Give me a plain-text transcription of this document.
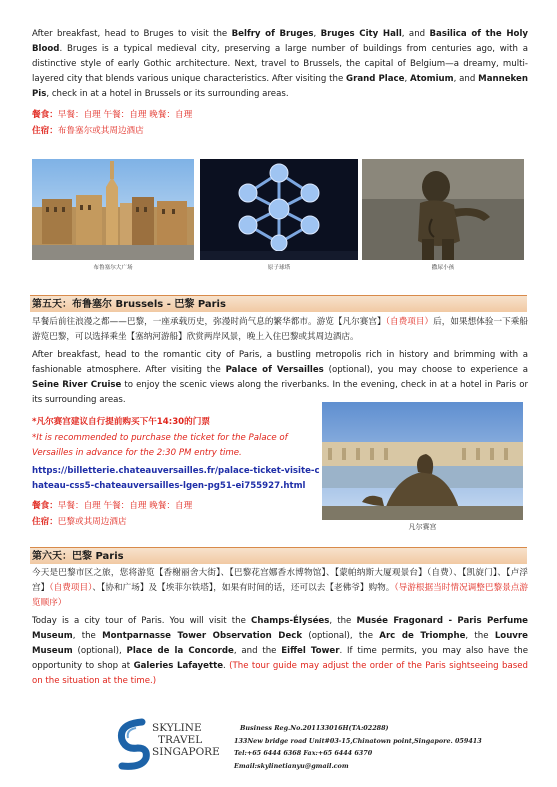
After breakfast, head to Bruges to visit the Belfry of Bruges, Bruges City Hall, and Basilica of the Holy Blood. Bruges is a typical medieval city, preserving a large number of buildings from centuries ago, with a distinctive style of early Gothic architecture. Next, travel to Brussels, the capital of Belgium—a dreamy, multi-layered city that blends various unique characteristics. After visiting the Grand Place, Atomium, and Manneken Pis, check in at a hotel in Brussels or its surrounding areas.

餐食：早餐：自理 午餐：自理 晚餐：自理
住宿：布鲁塞尔或其周边酒店
布鲁塞尔大广场	原子球塔	撒尿小孩
第五天：布鲁塞尔 Brussels - 巴黎 Paris

早餐后前往浪漫之都——巴黎，一座承载历史，弥漫时尚气息的繁华都市。游览【凡尔赛宫】（自费项目）后，如果想体验一下乘船游览巴黎，可以选择乘坐【塞纳河游船】欣赏两岸风景，晚上入住巴黎或其周边酒店。

After breakfast, head to the romantic city of Paris, a bustling metropolis rich in history and brimming with a fashionable atmosphere. After visiting the Palace of Versailles (optional), you may choose to experience a Seine River Cruise to enjoy the scenic views along the riverbanks. In the evening, check in at a hotel in Paris or its surrounding areas.

*凡尔赛宫建议自行提前购买下午14:30的门票

*It is recommended to purchase the ticket for the Palace of Versailles in advance for the 2:30 PM entry time.

https://billetterie.chateauversailles.fr/palace-ticket-visite-chateau-css5-chateauversailles-lgen-pg51-ei755927.html
餐食：早餐：自理 午餐：自理 晚餐：自理
住宿：巴黎或其周边酒店	凡尔赛宫
第六天：巴黎 Paris

今天是巴黎市区之旅，您将游览【香榭丽舍大街】、【巴黎花宫娜香水博物馆】、【蒙帕纳斯大厦观景台】（自费）、【凯旋门】、【卢浮宫】（自费项目）、【协和广场】及【埃菲尔铁塔】，如果有时间的话，还可以去【老佛爷】购物。（导游根据当时情况调整巴黎景点游览顺序）

Today is a city tour of Paris. You will visit the Champs-Élysées, the Musée Fragonard - Paris Perfume Museum, the Montparnasse Tower Observation Deck (optional), the Arc de Triomphe, the Louvre Museum (optional), Place de la Concorde, and the Eiffel Tower. If time permits, you may also have the opportunity to shop at Galeries Lafayette. (The tour guide may adjust the order of the Paris sightseeing based on the situation at the time.)

SKYLINE
TRAVEL
SINGAPORE
Business Reg.No.201133016H(TA:02288)
133New bridge road Unit#03-15,Chinatown point,Singapore. 059413
Tel:+65 6444 6368 Fax:+65 6444 6370
Email:skylinetianyu@gmail.com
